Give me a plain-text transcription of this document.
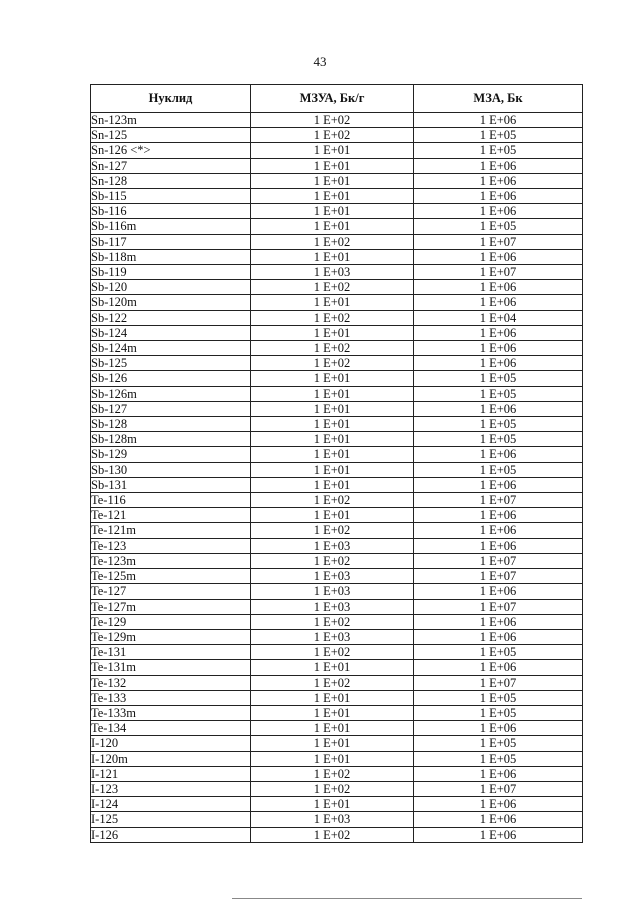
43
Нуклид	МЗУА, Бк/г	МЗА, Бк
Sn-123m	1 E+02	1 E+06
Sn-125	1 E+02	1 E+05
Sn-126 <*>	1 E+01	1 E+05
Sn-127	1 E+01	1 E+06
Sn-128	1 E+01	1 E+06
Sb-115	1 E+01	1 E+06
Sb-116	1 E+01	1 E+06
Sb-116m	1 E+01	1 E+05
Sb-117	1 E+02	1 E+07
Sb-118m	1 E+01	1 E+06
Sb-119	1 E+03	1 E+07
Sb-120	1 E+02	1 E+06
Sb-120m	1 E+01	1 E+06
Sb-122	1 E+02	1 E+04
Sb-124	1 E+01	1 E+06
Sb-124m	1 E+02	1 E+06
Sb-125	1 E+02	1 E+06
Sb-126	1 E+01	1 E+05
Sb-126m	1 E+01	1 E+05
Sb-127	1 E+01	1 E+06
Sb-128	1 E+01	1 E+05
Sb-128m	1 E+01	1 E+05
Sb-129	1 E+01	1 E+06
Sb-130	1 E+01	1 E+05
Sb-131	1 E+01	1 E+06
Te-116	1 E+02	1 E+07
Te-121	1 E+01	1 E+06
Te-121m	1 E+02	1 E+06
Te-123	1 E+03	1 E+06
Te-123m	1 E+02	1 E+07
Te-125m	1 E+03	1 E+07
Te-127	1 E+03	1 E+06
Te-127m	1 E+03	1 E+07
Te-129	1 E+02	1 E+06
Te-129m	1 E+03	1 E+06
Te-131	1 E+02	1 E+05
Te-131m	1 E+01	1 E+06
Te-132	1 E+02	1 E+07
Te-133	1 E+01	1 E+05
Te-133m	1 E+01	1 E+05
Te-134	1 E+01	1 E+06
I-120	1 E+01	1 E+05
I-120m	1 E+01	1 E+05
I-121	1 E+02	1 E+06
I-123	1 E+02	1 E+07
I-124	1 E+01	1 E+06
I-125	1 E+03	1 E+06
I-126	1 E+02	1 E+06
